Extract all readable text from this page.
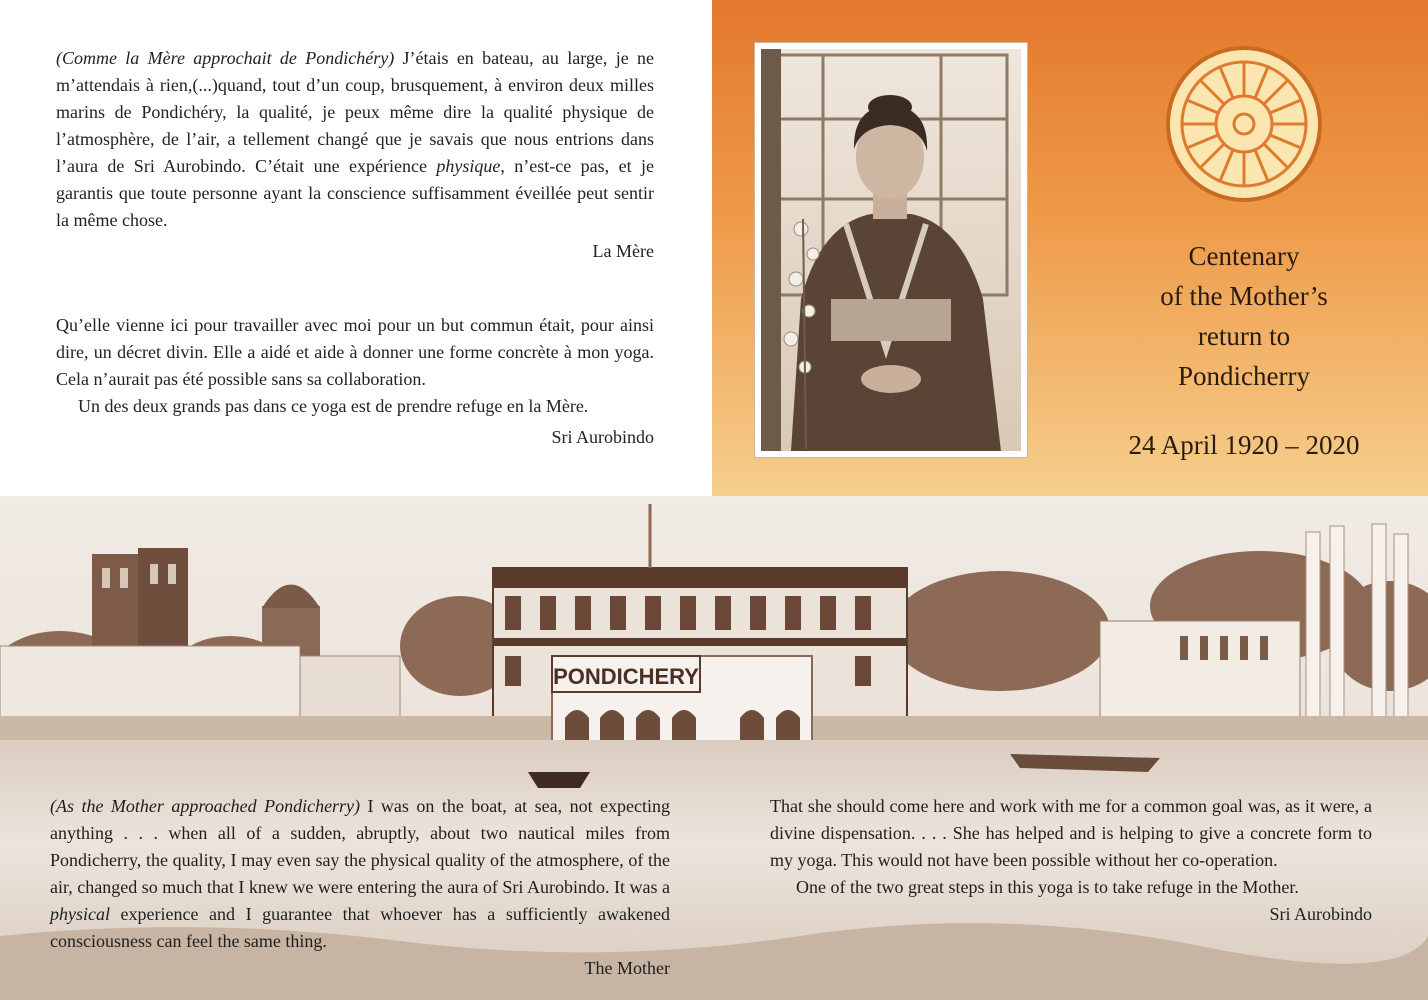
(Comme la Mère approchait de Pondichéry) J’étais en bateau, au large, je ne m’attendais à rien,(...)quand, tout d’un coup, brusquement, à environ deux milles marins de Pondichéry, la qualité, je peux même dire la qualité physique de l’atmosphère, de l’air, a tellement changé que je savais que nous entrions dans l’aura de Sri Aurobindo. C’était une expérience physique, n’est-ce pas, et je garantis que toute personne ayant la conscience suffisamment éveillée peut sentir la même chose.

La Mère

Qu’elle vienne ici pour travailler avec moi pour un but commun était, pour ainsi dire, un décret divin. Elle a aidé et aide à donner une forme concrète à mon yoga. Cela n’aurait pas été possible sans sa collaboration.

Un des deux grands pas dans ce yoga est de prendre refuge en la Mère.

Sri Aurobindo
Centenary
of the Mother’s
return to
Pondicherry
24 April 1920 – 2020
PONDICHERY

(As the Mother approached Pondicherry) I was on the boat, at sea, not expecting anything . . . when all of a sudden, abruptly, about two nautical miles from Pondicherry, the quality, I may even say the physical quality of the atmosphere, of the air, changed so much that I knew we were entering the aura of Sri Aurobindo. It was a physical experience and I guarantee that whoever has a sufficiently awakened consciousness can feel the same thing.

The Mother

That she should come here and work with me for a common goal was, as it were, a divine dispensation. . . . She has helped and is helping to give a concrete form to my yoga. This would not have been possible without her co-operation.

One of the two great steps in this yoga is to take refuge in the Mother.

Sri Aurobindo
